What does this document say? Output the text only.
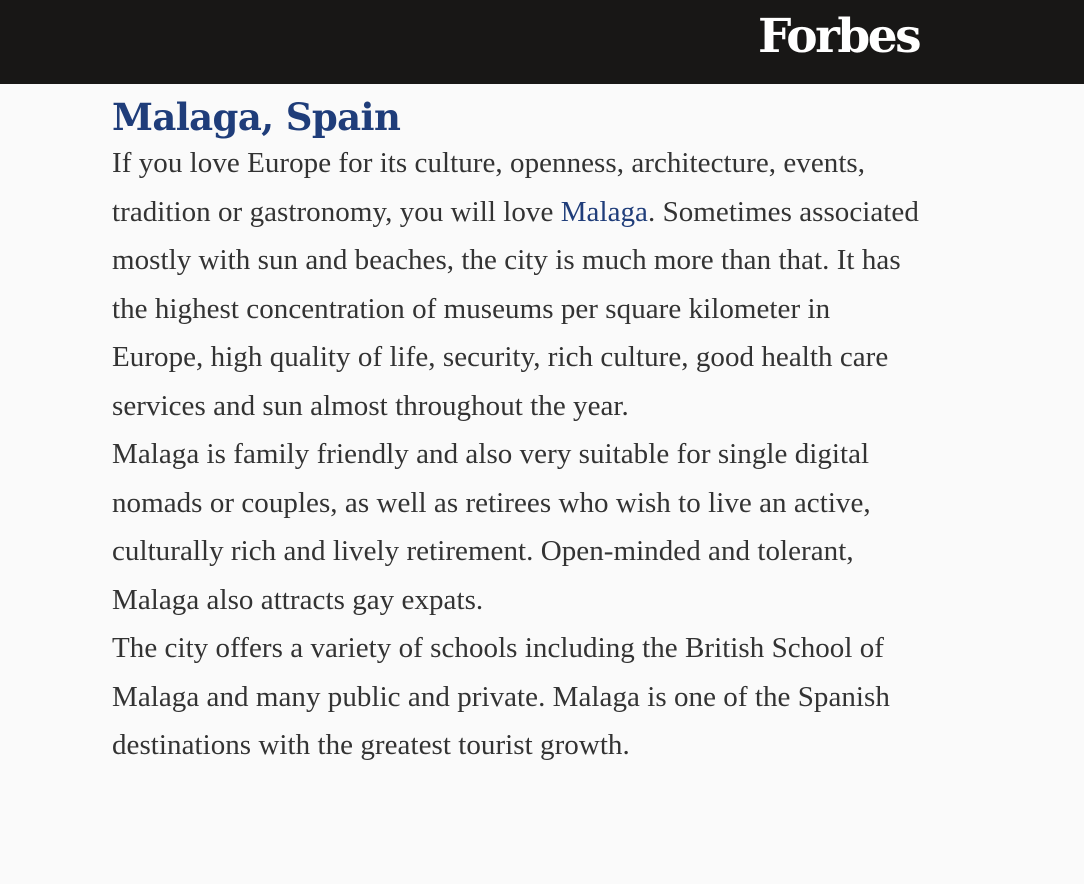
Forbes
Malaga, Spain

If you love Europe for its culture, openness, architecture, events,
tradition or gastronomy, you will love Malaga. Sometimes associated
mostly with sun and beaches, the city is much more than that. It has
the highest concentration of museums per square kilometer in
Europe, high quality of life, security, rich culture, good health care
services and sun almost throughout the year.

Malaga is family friendly and also very suitable for single digital
nomads or couples, as well as retirees who wish to live an active,
culturally rich and lively retirement. Open-minded and tolerant,
Malaga also attracts gay expats.

The city offers a variety of schools including the British School of
Malaga and many public and private. Malaga is one of the Spanish
destinations with the greatest tourist growth.
